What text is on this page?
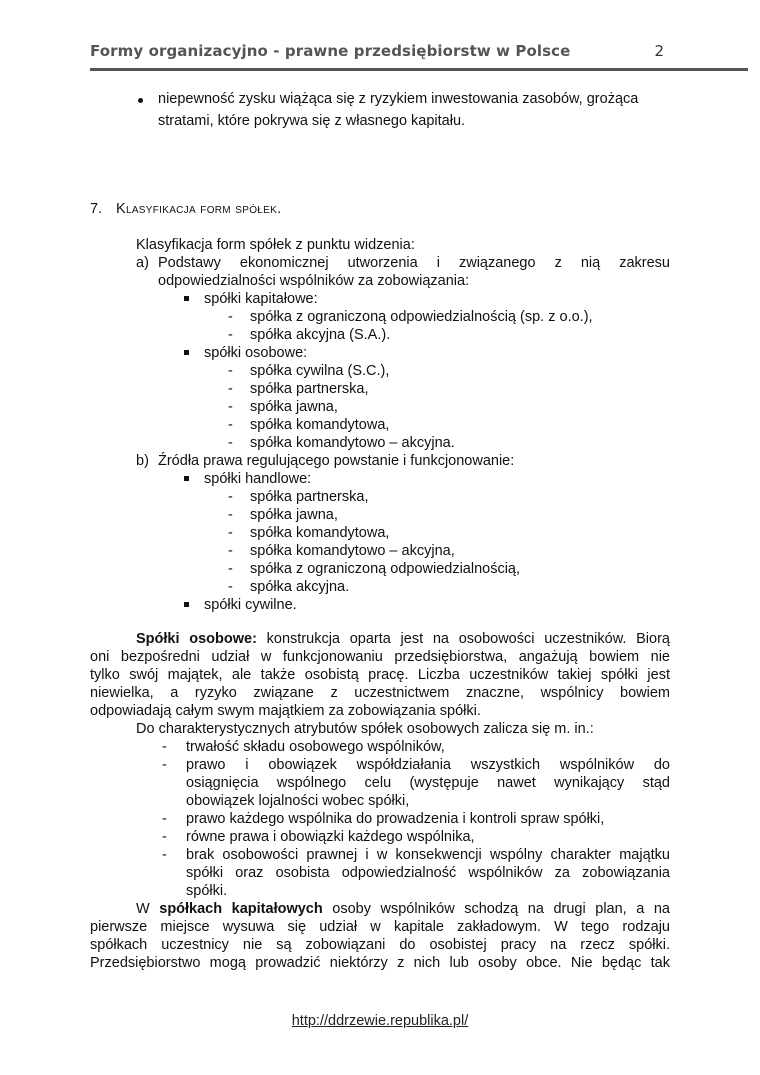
Formy organizacyjno - prawne przedsiębiorstw w Polsce	2
niepewność zysku wiążąca się z ryzykiem inwestowania zasobów, grożąca
stratami, które pokrywa się z własnego kapitału.
7. Klasyfikacja form spółek.
Klasyfikacja form spółek z punktu widzenia:
a) Podstawy ekonomicznej utworzenia i związanego z nią zakresu
odpowiedzialności wspólników za zobowiązania:
spółki kapitałowe:
- spółka z ograniczoną odpowiedzialnością (sp. z o.o.),
- spółka akcyjna (S.A.).
spółki osobowe:
- spółka cywilna (S.C.),
- spółka partnerska,
- spółka jawna,
- spółka komandytowa,
- spółka komandytowo – akcyjna.
b) Źródła prawa regulującego powstanie i funkcjonowanie:
spółki handlowe:
- spółka partnerska,
- spółka jawna,
- spółka komandytowa,
- spółka komandytowo – akcyjna,
- spółka z ograniczoną odpowiedzialnością,
- spółka akcyjna.
spółki cywilne.
Spółki osobowe: konstrukcja oparta jest na osobowości uczestników. Biorą
oni bezpośredni udział w funkcjonowaniu przedsiębiorstwa, angażują bowiem nie
tylko swój majątek, ale także osobistą pracę. Liczba uczestników takiej spółki jest
niewielka, a ryzyko związane z uczestnictwem znaczne, wspólnicy bowiem
odpowiadają całym swym majątkiem za zobowiązania spółki.
Do charakterystycznych atrybutów spółek osobowych zalicza się m. in.:
- trwałość składu osobowego wspólników,
- prawo i obowiązek współdziałania wszystkich wspólników do
osiągnięcia wspólnego celu (występuje nawet wynikający stąd
obowiązek lojalności wobec spółki,
- prawo każdego wspólnika do prowadzenia i kontroli spraw spółki,
- równe prawa i obowiązki każdego wspólnika,
- brak osobowości prawnej i w konsekwencji wspólny charakter majątku
spółki oraz osobista odpowiedzialność wspólników za zobowiązania
spółki.
W spółkach kapitałowych osoby wspólników schodzą na drugi plan, a na
pierwsze miejsce wysuwa się udział w kapitale zakładowym. W tego rodzaju
spółkach uczestnicy nie są zobowiązani do osobistej pracy na rzecz spółki.
Przedsiębiorstwo mogą prowadzić niektórzy z nich lub osoby obce. Nie będąc tak
http://ddrzewie.republika.pl/
